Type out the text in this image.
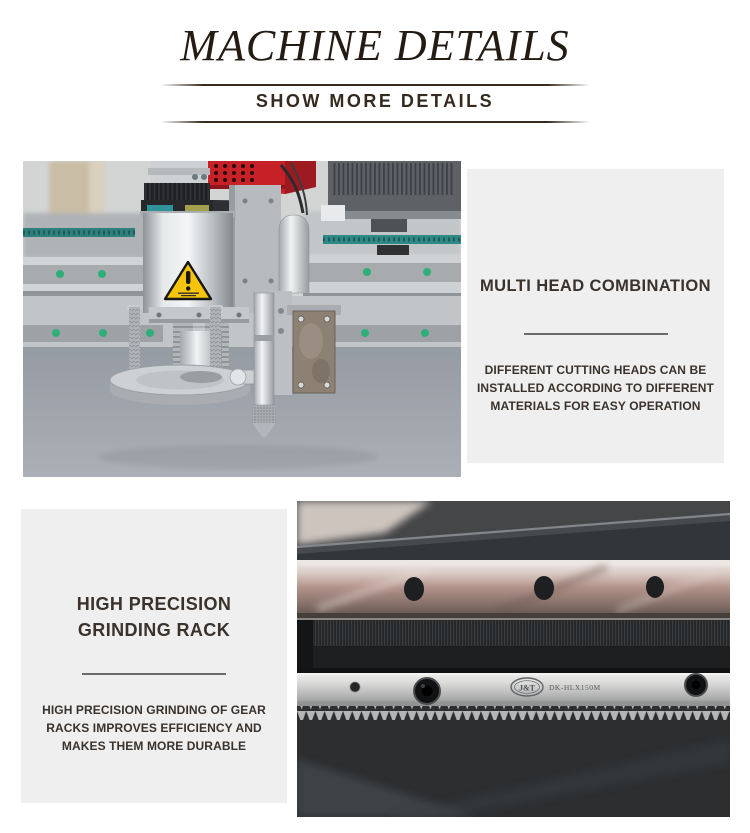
MACHINE DETAILS
SHOW MORE DETAILS
MULTI HEAD COMBINATION
DIFFERENT CUTTING HEADS CAN BE
INSTALLED ACCORDING TO DIFFERENT
MATERIALS FOR EASY OPERATION
HIGH PRECISION
GRINDING RACK
HIGH PRECISION GRINDING OF GEAR
RACKS IMPROVES EFFICIENCY AND
MAKES THEM MORE DURABLE
J&T DK-HLX150M
